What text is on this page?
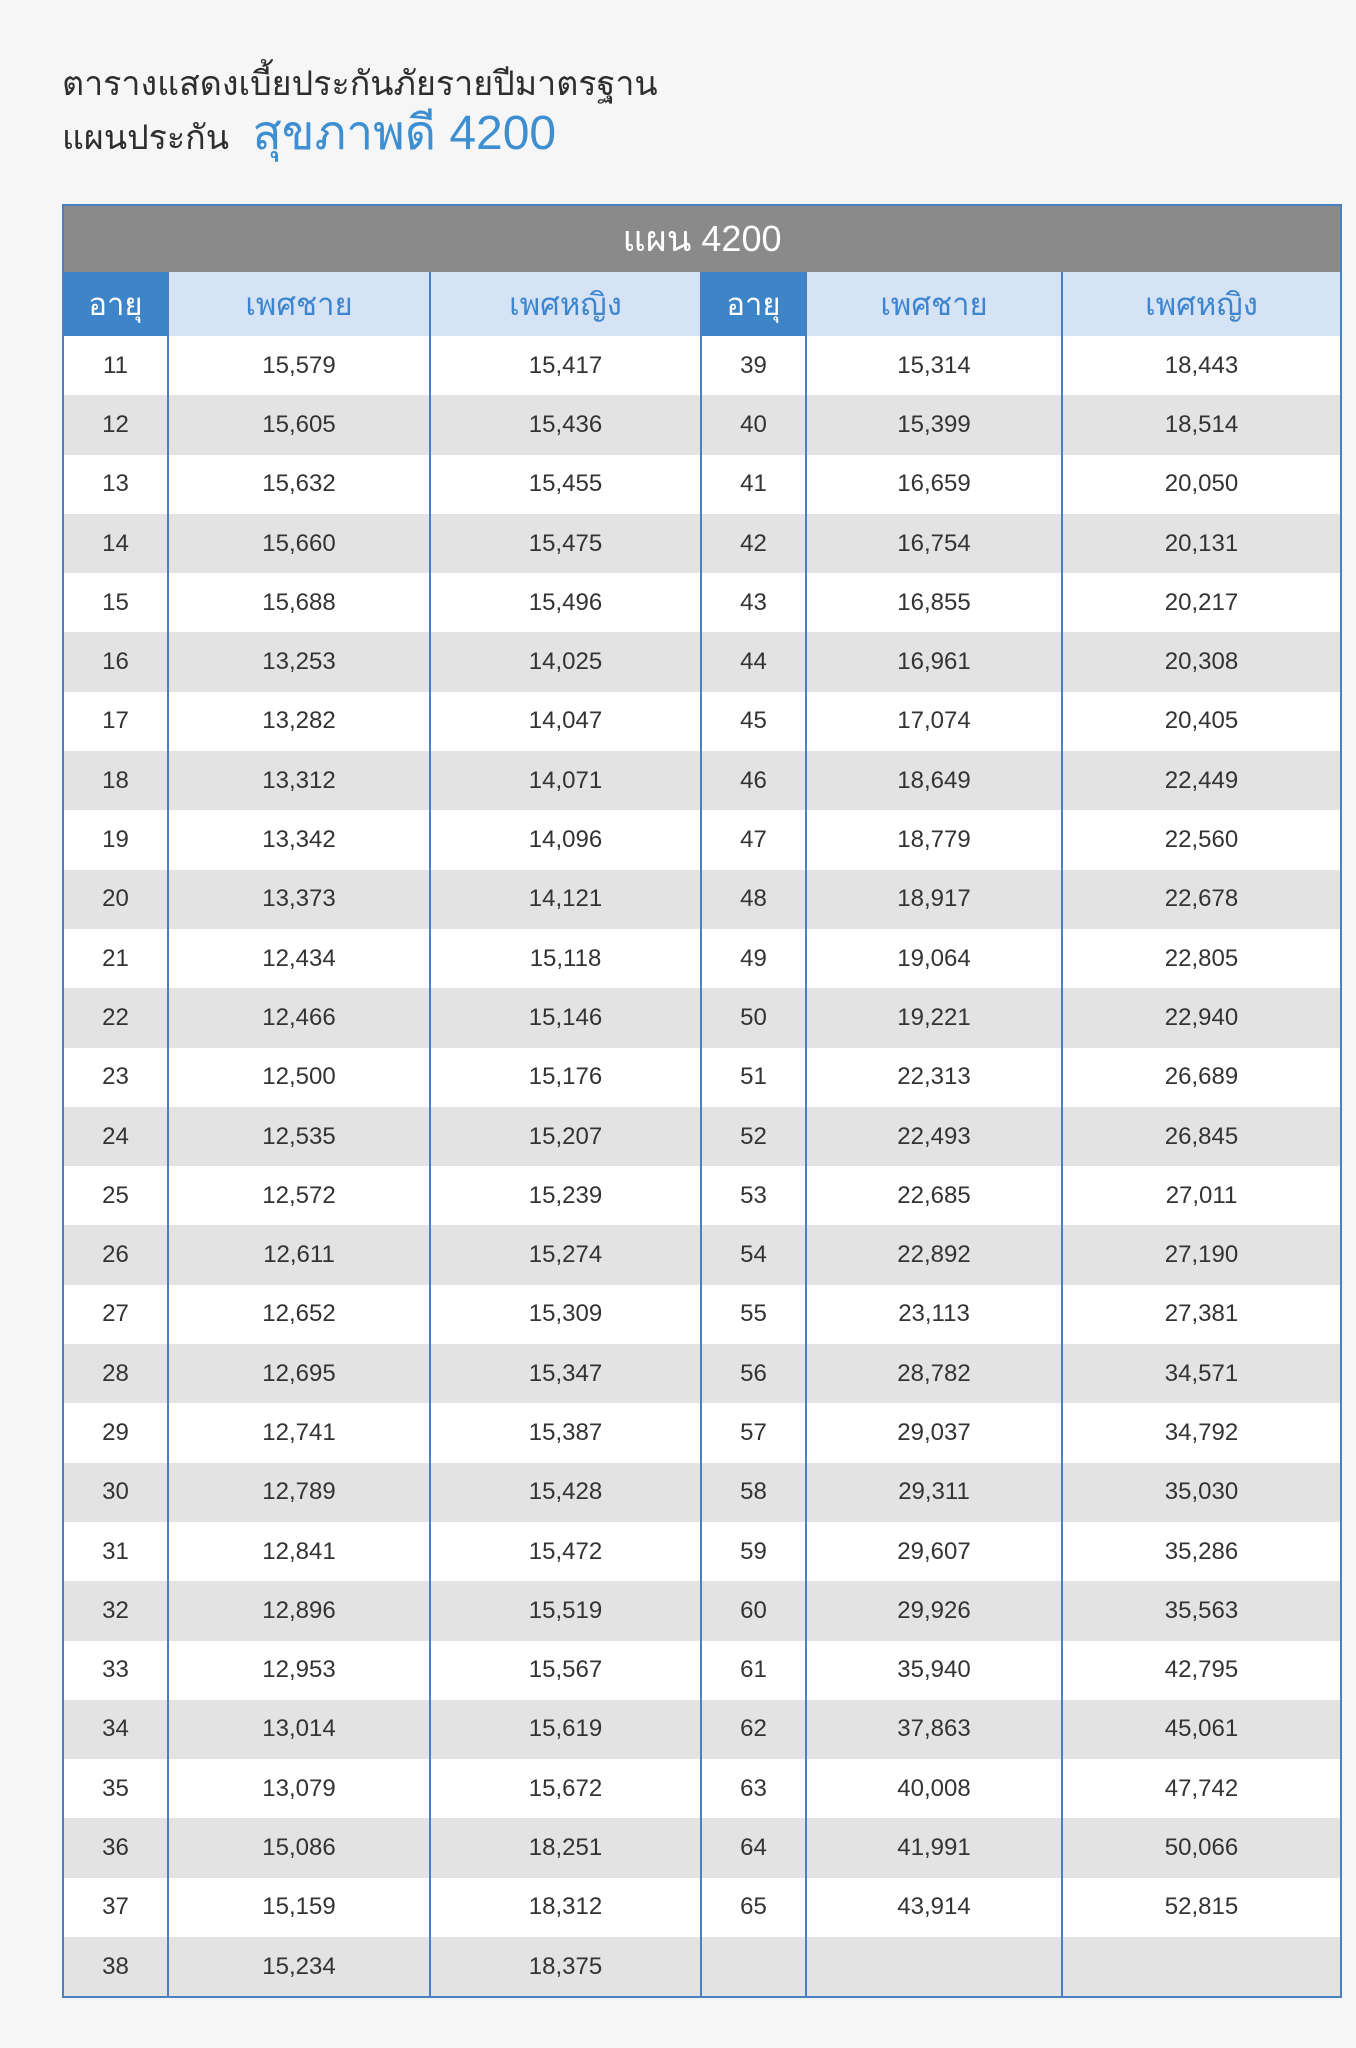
ตารางแสดงเบี้ยประกันภัยรายปีมาตรฐาน
แผนประกัน สุขภาพดี 4200
แผน 4200
อายุ	เพศชาย	เพศหญิง	อายุ	เพศชาย	เพศหญิง
11	15,579	15,417	39	15,314	18,443
12	15,605	15,436	40	15,399	18,514
13	15,632	15,455	41	16,659	20,050
14	15,660	15,475	42	16,754	20,131
15	15,688	15,496	43	16,855	20,217
16	13,253	14,025	44	16,961	20,308
17	13,282	14,047	45	17,074	20,405
18	13,312	14,071	46	18,649	22,449
19	13,342	14,096	47	18,779	22,560
20	13,373	14,121	48	18,917	22,678
21	12,434	15,118	49	19,064	22,805
22	12,466	15,146	50	19,221	22,940
23	12,500	15,176	51	22,313	26,689
24	12,535	15,207	52	22,493	26,845
25	12,572	15,239	53	22,685	27,011
26	12,611	15,274	54	22,892	27,190
27	12,652	15,309	55	23,113	27,381
28	12,695	15,347	56	28,782	34,571
29	12,741	15,387	57	29,037	34,792
30	12,789	15,428	58	29,311	35,030
31	12,841	15,472	59	29,607	35,286
32	12,896	15,519	60	29,926	35,563
33	12,953	15,567	61	35,940	42,795
34	13,014	15,619	62	37,863	45,061
35	13,079	15,672	63	40,008	47,742
36	15,086	18,251	64	41,991	50,066
37	15,159	18,312	65	43,914	52,815
38	15,234	18,375			
